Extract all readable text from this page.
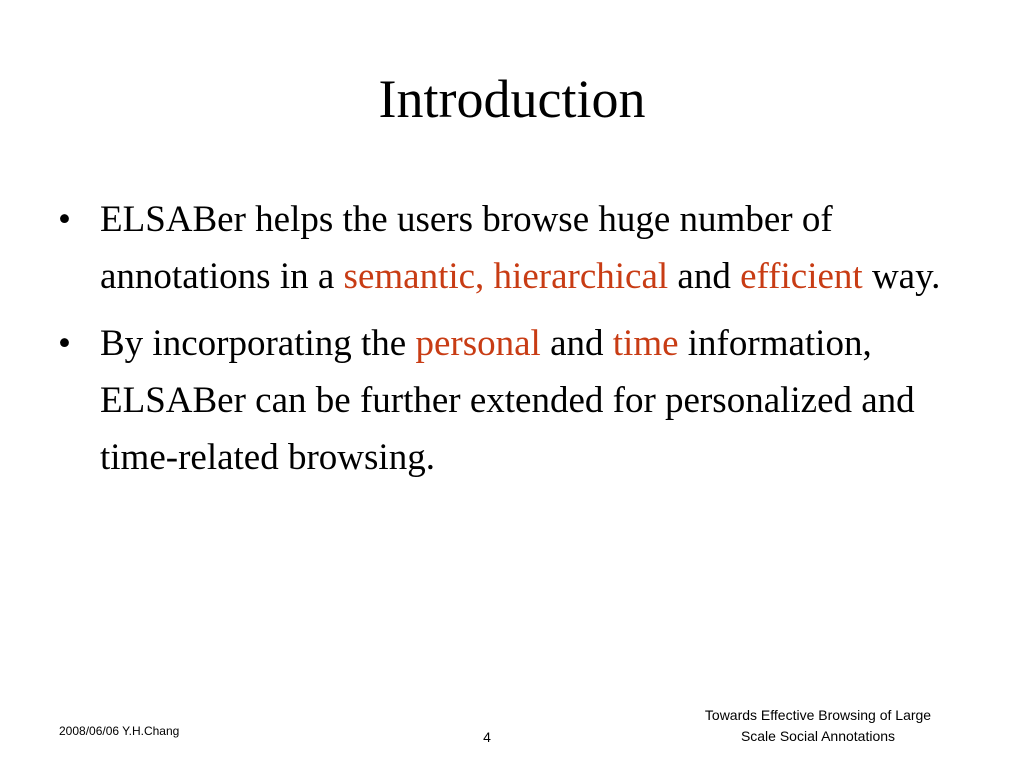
Introduction
• ELSABer helps the users browse huge number of annotations in a semantic, hierarchical and efficient way.
• By incorporating the personal and time information, ELSABer can be further extended for personalized and time-related browsing.
2008/06/06 Y.H.Chang	4
Towards Effective Browsing of Large
Scale Social Annotations
